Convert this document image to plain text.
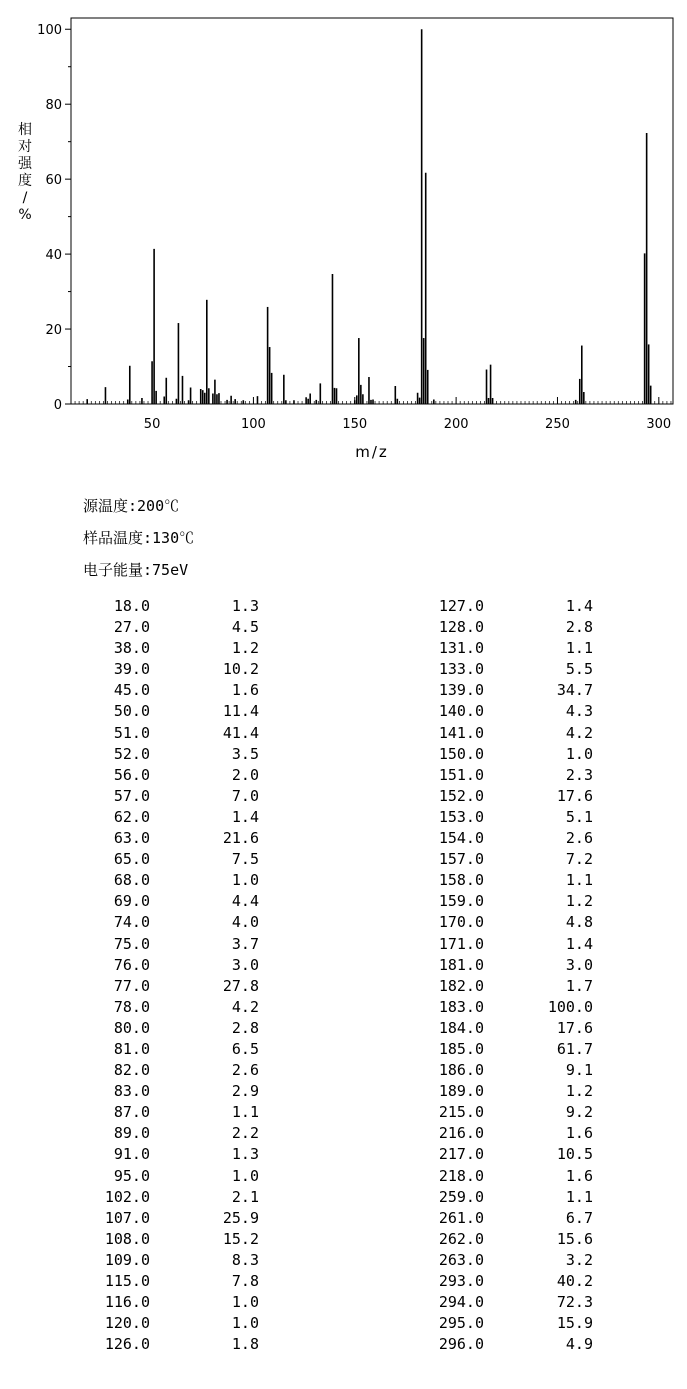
50	100	150	200	250	300
0
20
40
60
80
100
m/z
相对强度/ %
源温度:200℃
样品温度:130℃
电子能量:75eV
18.0	1.3
27.0	4.5
38.0	1.2
39.0	10.2
45.0	1.6
50.0	11.4
51.0	41.4
52.0	3.5
56.0	2.0
57.0	7.0
62.0	1.4
63.0	21.6
65.0	7.5
68.0	1.0
69.0	4.4
74.0	4.0
75.0	3.7
76.0	3.0
77.0	27.8
78.0	4.2
80.0	2.8
81.0	6.5
82.0	2.6
83.0	2.9
87.0	1.1
89.0	2.2
91.0	1.3
95.0	1.0
102.0	2.1
107.0	25.9
108.0	15.2
109.0	8.3
115.0	7.8
116.0	1.0
120.0	1.0
126.0	1.8
127.0	1.4
128.0	2.8
131.0	1.1
133.0	5.5
139.0	34.7
140.0	4.3
141.0	4.2
150.0	1.0
151.0	2.3
152.0	17.6
153.0	5.1
154.0	2.6
157.0	7.2
158.0	1.1
159.0	1.2
170.0	4.8
171.0	1.4
181.0	3.0
182.0	1.7
183.0	100.0
184.0	17.6
185.0	61.7
186.0	9.1
189.0	1.2
215.0	9.2
216.0	1.6
217.0	10.5
218.0	1.6
259.0	1.1
261.0	6.7
262.0	15.6
263.0	3.2
293.0	40.2
294.0	72.3
295.0	15.9
296.0	4.9
